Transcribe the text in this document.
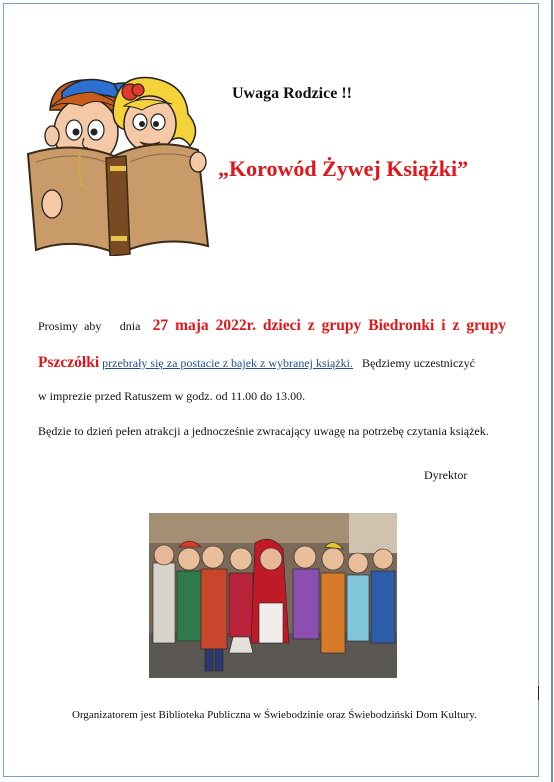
Uwaga Rodzice !!
„Korowód Żywej Książki”
Prosimy aby dnia 27 maja 2022r. dzieci z grupy Biedronki i z grupy
Pszczółki przebrały się za postacie z bajek z wybranej książki. Będziemy uczestniczyć
w imprezie przed Ratuszem w godz. od 11.00 do 13.00.
Będzie to dzień pełen atrakcji a jednocześnie zwracający uwagę na potrzebę czytania książek.
Dyrektor
Organizatorem jest Biblioteka Publiczna w Świebodzinie oraz Świebodziński Dom Kultury.
